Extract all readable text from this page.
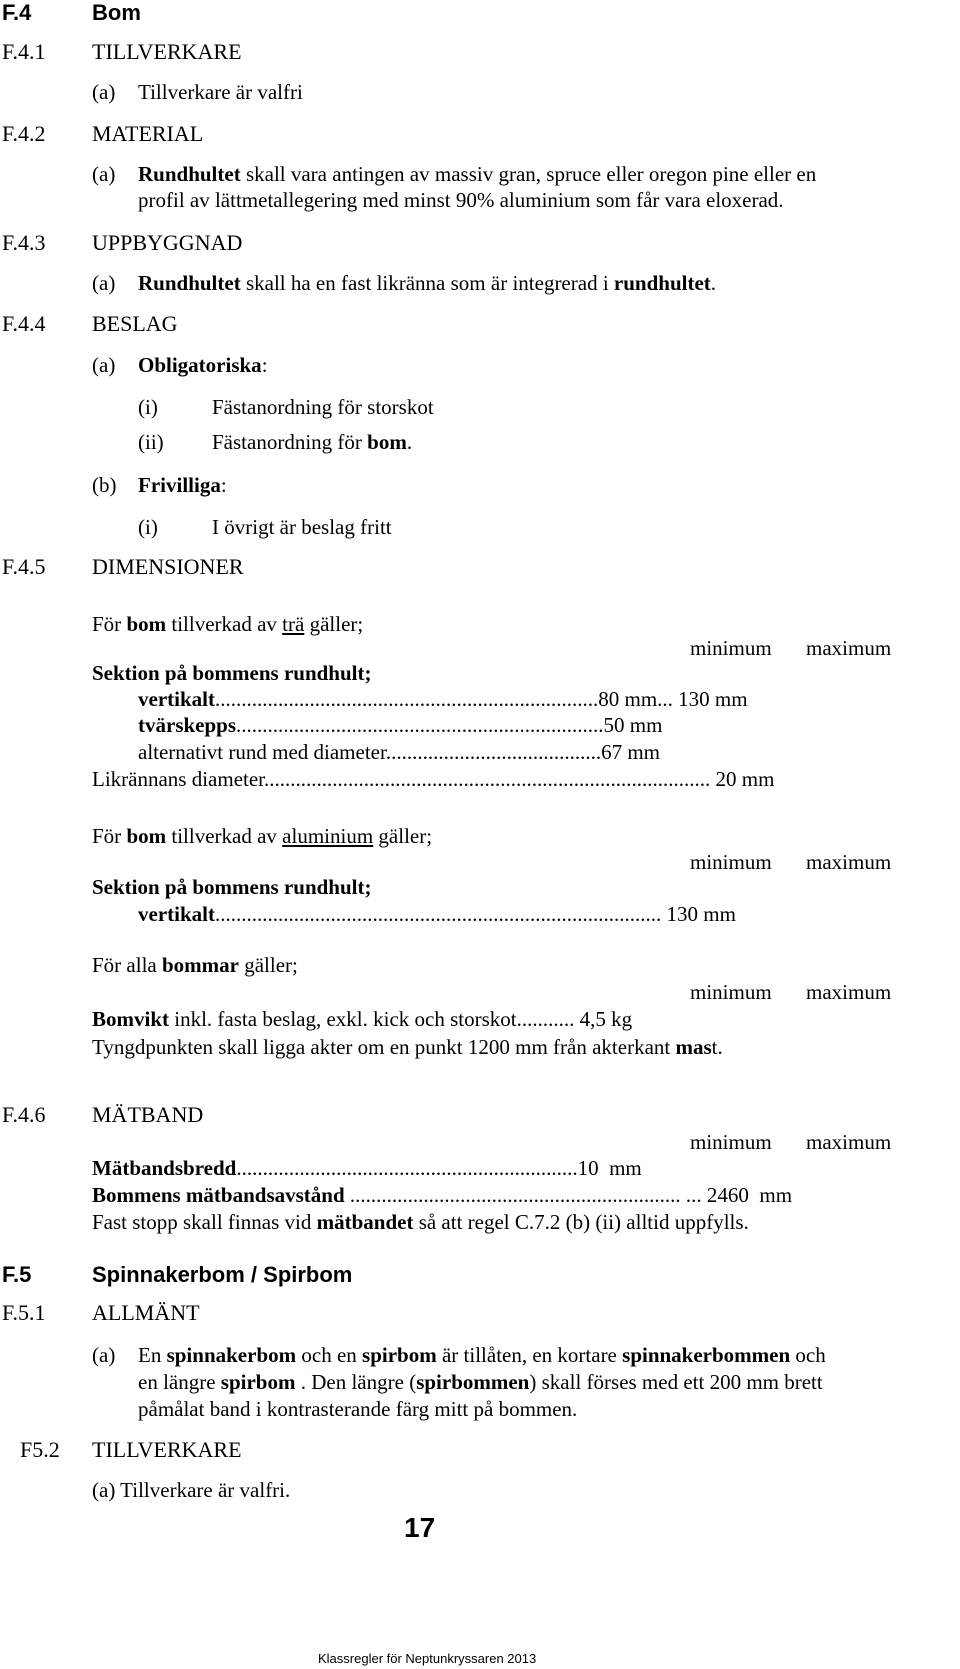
F.4	Bom
F.4.1 TILLVERKARE
(a) Tillverkare är valfri
F.4.2 MATERIAL
(a) Rundhultet skall vara antingen av massiv gran, spruce eller oregon pine eller en
profil av lättmetallegering med minst 90% aluminium som får vara eloxerad.
F.4.3 UPPBYGGNAD
(a) Rundhultet skall ha en fast likränna som är integrerad i rundhultet.
F.4.4 BESLAG
(a) Obligatoriska:
(i)	Fästanordning för storskot
(ii) Fästanordning för bom.
(b) Frivilliga:
(i)	I övrigt är beslag fritt
F.4.5 DIMENSIONER
För bom tillverkad av trä gäller;
minimum maximum
Sektion på bommens rundhult;
vertikalt.........................................................................80 mm... 130 mm
tvärskepps......................................................................50 mm
alternativt rund med diameter.........................................67 mm
Likrännans diameter..................................................................................... 20 mm
För bom tillverkad av aluminium gäller;
minimum maximum
Sektion på bommens rundhult;
vertikalt..................................................................................... 130 mm
För alla bommar gäller;
minimum maximum
Bomvikt inkl. fasta beslag, exkl. kick och storskot........... 4,5 kg
Tyngdpunkten skall ligga akter om en punkt 1200 mm från akterkant mast.
F.4.6 MÄTBAND
minimum maximum
Mätbandsbredd.................................................................10  mm
Bommens mätbandsavstånd ............................................................... ... 2460  mm
Fast stopp skall finnas vid mätbandet så att regel C.7.2 (b) (ii) alltid uppfylls.
F.5	Spinnakerbom / Spirbom
F.5.1 ALLMÄNT
(a) En spinnakerbom och en spirbom är tillåten, en kortare spinnakerbommen och
en längre spirbom . Den längre (spirbommen) skall förses med ett 200 mm brett
påmålat band i kontrasterande färg mitt på bommen.
F5.2 TILLVERKARE
(a) Tillverkare är valfri.
17
Klassregler för Neptunkryssaren 2013
